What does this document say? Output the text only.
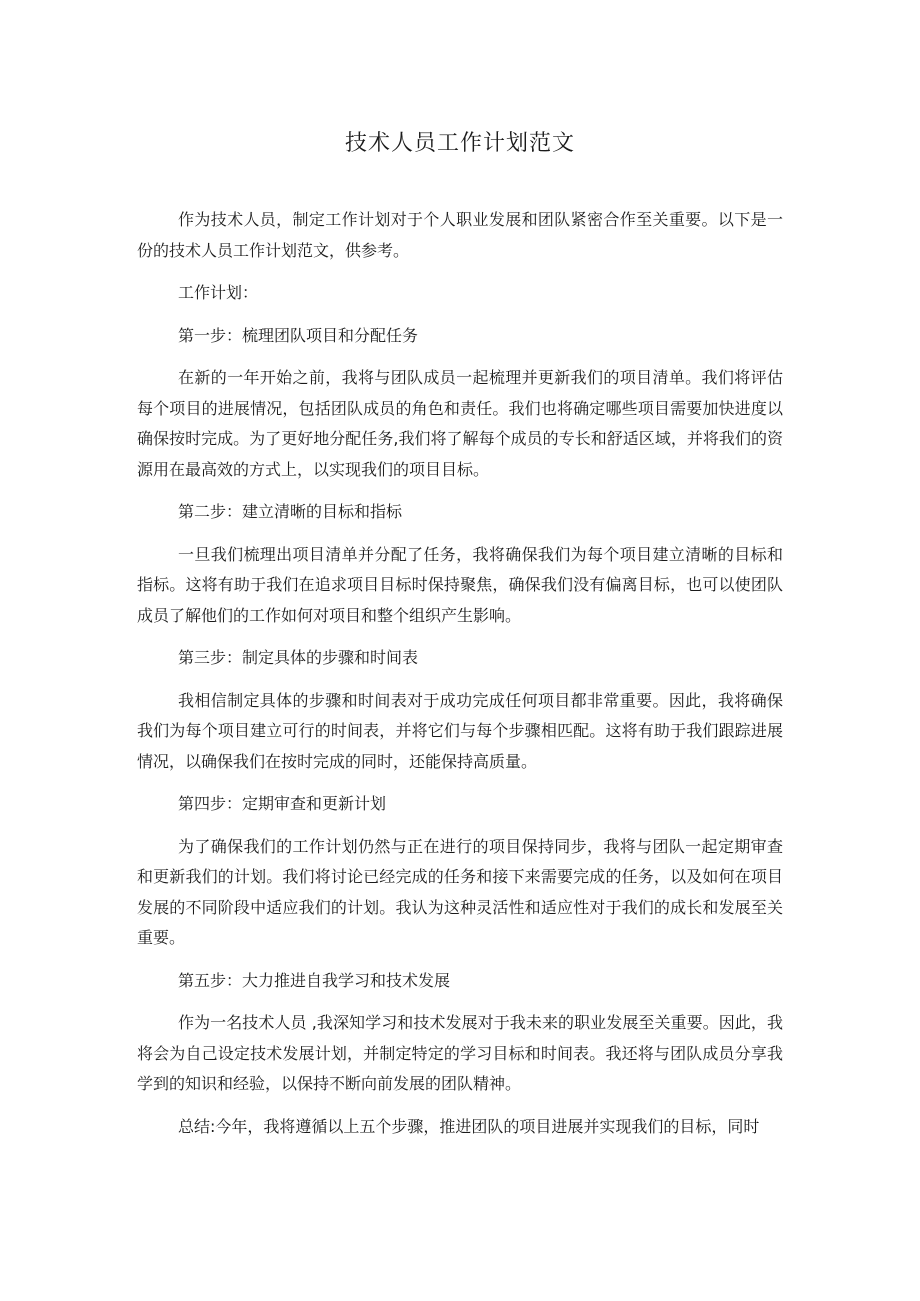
技术人员工作计划范文

作为技术人员，制定工作计划对于个人职业发展和团队紧密合作至关重要。以下是一份的技术人员工作计划范文，供参考。

工作计划：

第一步：梳理团队项目和分配任务

在新的一年开始之前，我将与团队成员一起梳理并更新我们的项目清单。我们将评估每个项目的进展情况，包括团队成员的角色和责任。我们也将确定哪些项目需要加快进度以确保按时完成。为了更好地分配任务,我们将了解每个成员的专长和舒适区域，并将我们的资源用在最高效的方式上，以实现我们的项目目标。

第二步：建立清晰的目标和指标

一旦我们梳理出项目清单并分配了任务，我将确保我们为每个项目建立清晰的目标和指标。这将有助于我们在追求项目目标时保持聚焦，确保我们没有偏离目标，也可以使团队成员了解他们的工作如何对项目和整个组织产生影响。

第三步：制定具体的步骤和时间表

我相信制定具体的步骤和时间表对于成功完成任何项目都非常重要。因此，我将确保我们为每个项目建立可行的时间表，并将它们与每个步骤相匹配。这将有助于我们跟踪进展情况，以确保我们在按时完成的同时，还能保持高质量。

第四步：定期审查和更新计划

为了确保我们的工作计划仍然与正在进行的项目保持同步，我将与团队一起定期审查和更新我们的计划。我们将讨论已经完成的任务和接下来需要完成的任务，以及如何在项目发展的不同阶段中适应我们的计划。我认为这种灵活性和适应性对于我们的成长和发展至关重要。

第五步：大力推进自我学习和技术发展

作为一名技术人员 ,我深知学习和技术发展对于我未来的职业发展至关重要。因此，我将会为自己设定技术发展计划，并制定特定的学习目标和时间表。我还将与团队成员分享我学到的知识和经验，以保持不断向前发展的团队精神。

总结:今年，我将遵循以上五个步骤，推进团队的项目进展并实现我们的目标，同时
